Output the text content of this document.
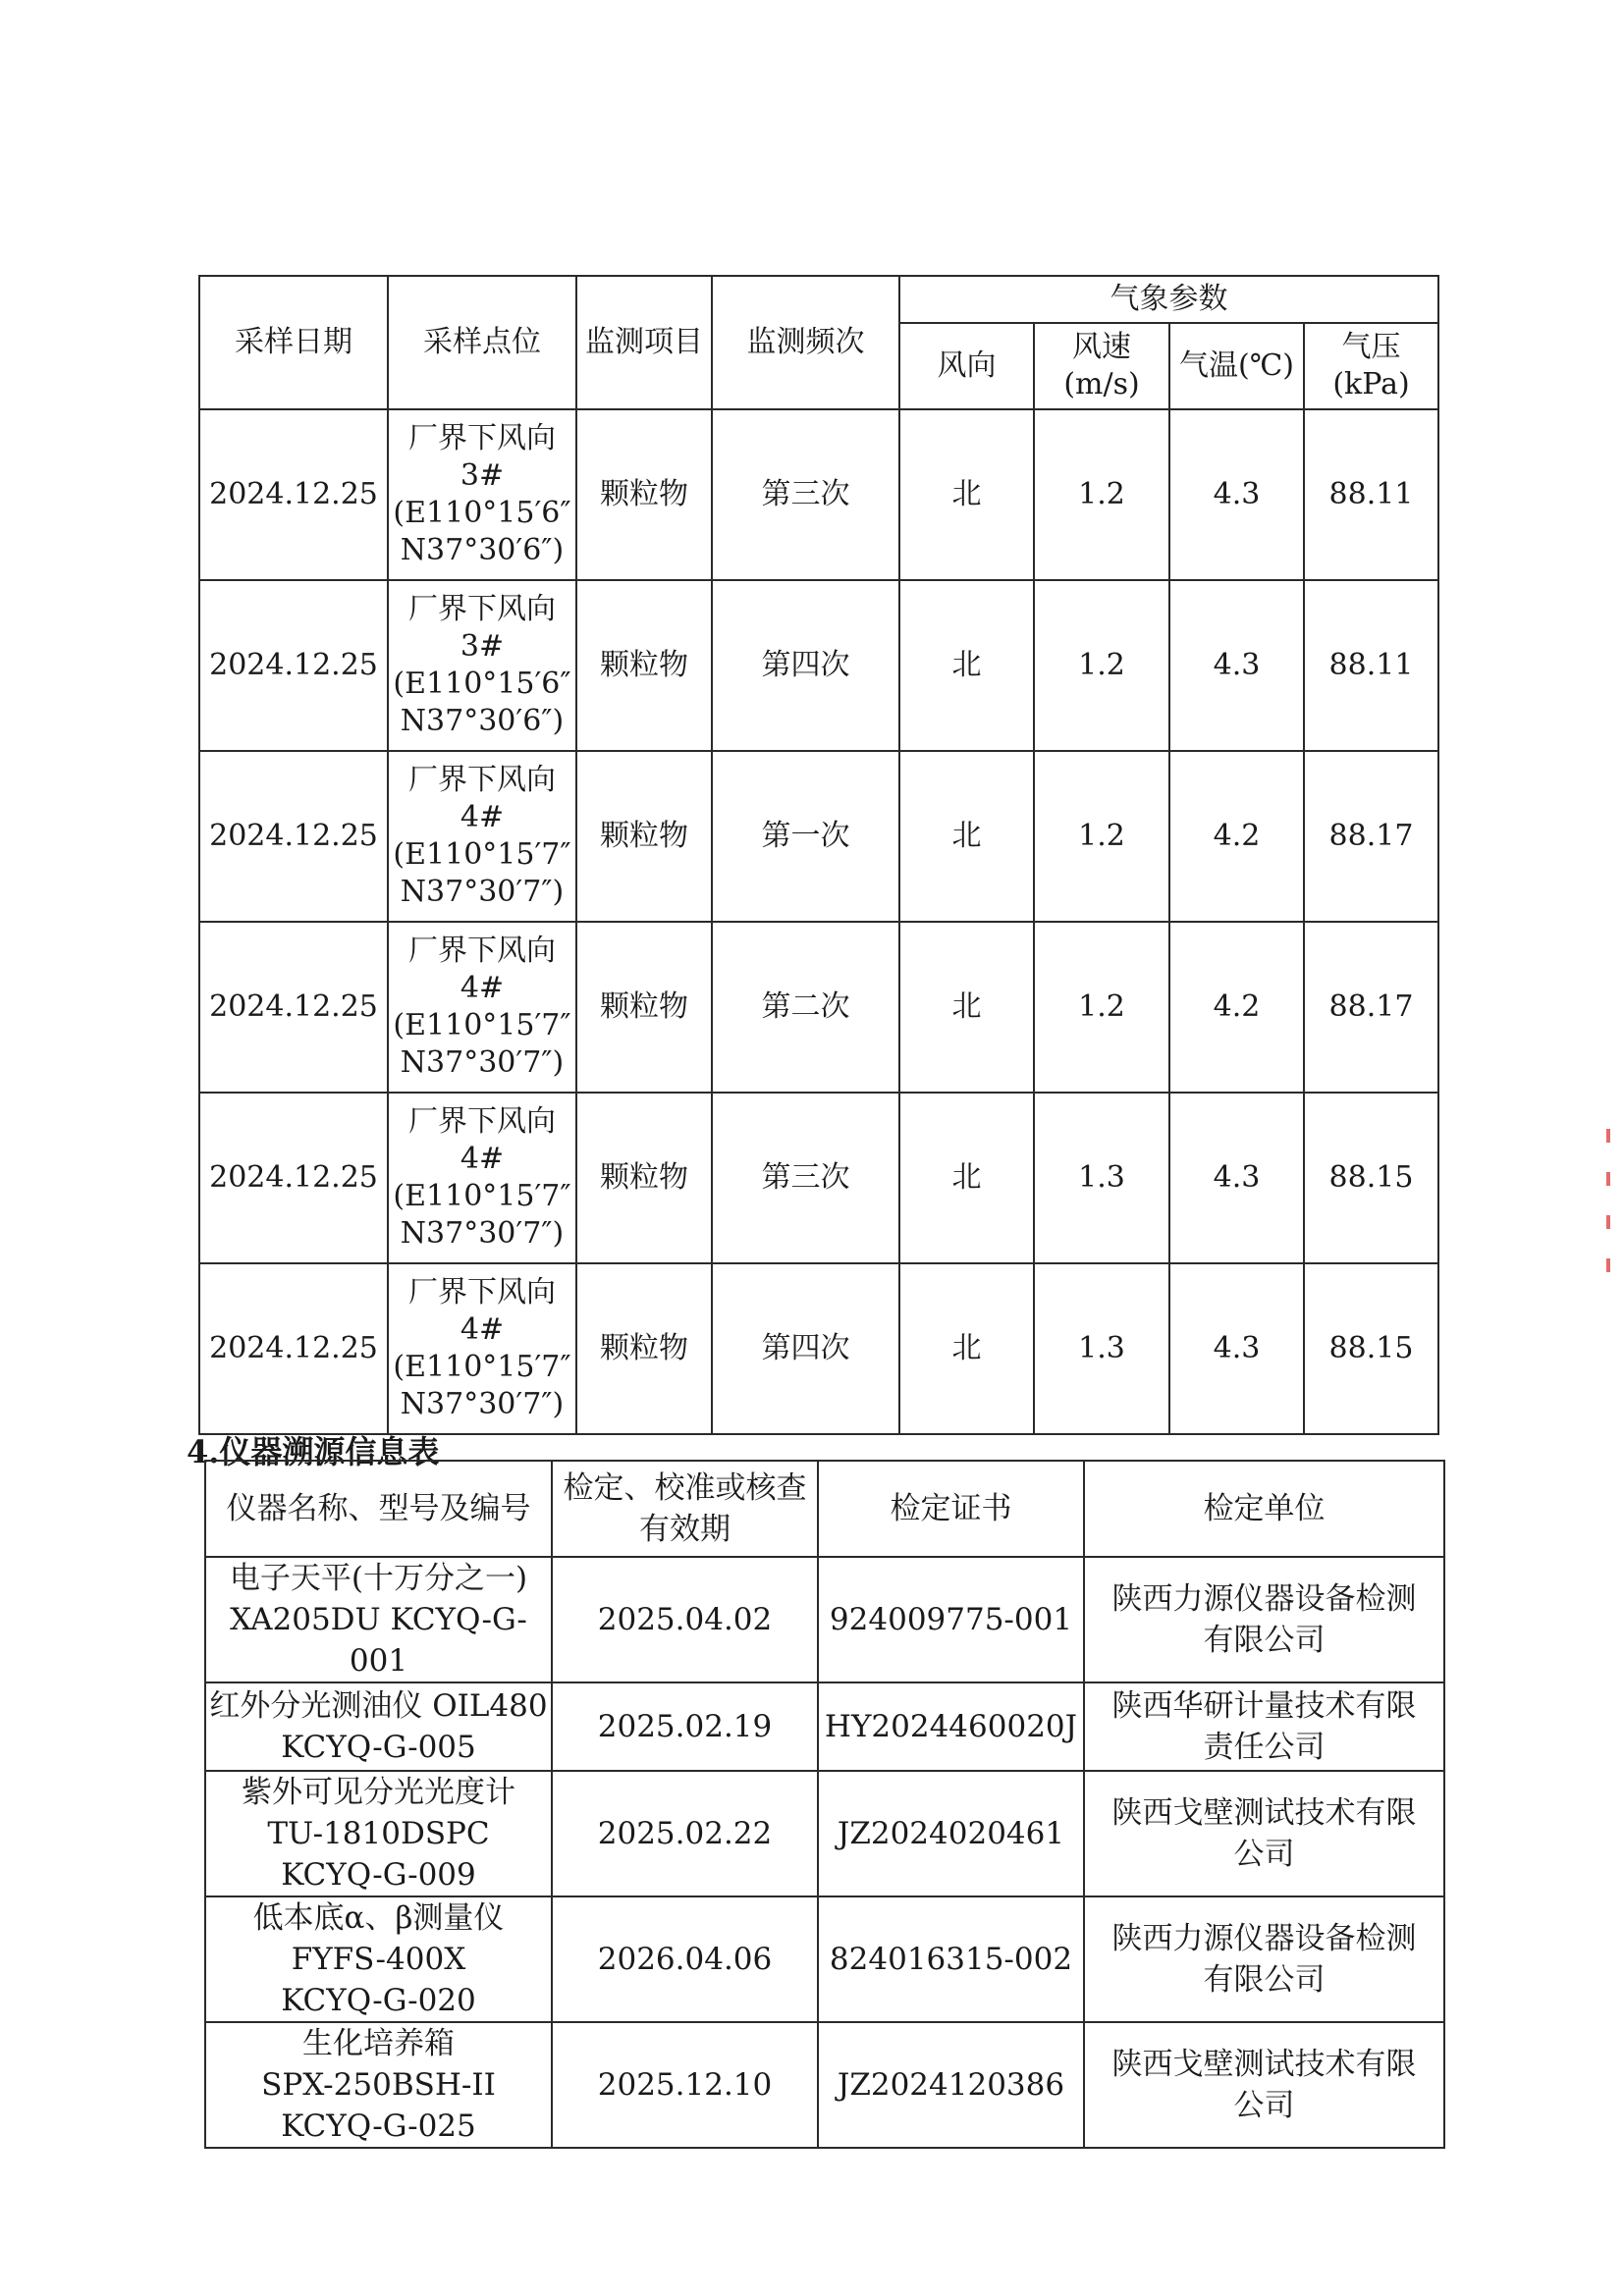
采样日期	采样点位	监测项目	监测频次	气象参数			
				风向	风速(m/s)	气温(℃)	气压
(kPa)

2024.12.25	厂界下风向
3#
(E110°15′6″
N37°30′6″)	颗粒物	第三次	北	1.2	4.3	88.11
2024.12.25	厂界下风向
3#
(E110°15′6″
N37°30′6″)	颗粒物	第四次	北	1.2	4.3	88.11
2024.12.25	厂界下风向
4#
(E110°15′7″
N37°30′7″)	颗粒物	第一次	北	1.2	4.2	88.17
2024.12.25	厂界下风向
4#
(E110°15′7″
N37°30′7″)	颗粒物	第二次	北	1.2	4.2	88.17
2024.12.25	厂界下风向
4#
(E110°15′7″
N37°30′7″)	颗粒物	第三次	北	1.3	4.3	88.15
2024.12.25	厂界下风向
4#
(E110°15′7″
N37°30′7″)	颗粒物	第四次	北	1.3	4.3	88.15

4.仪器溯源信息表

仪器名称、型号及编号	检定、校准或核查
有效期	检定证书	检定单位

电子天平(十万分之一)
XA205DU KCYQ-G-001	2025.04.02	924009775-001	陕西力源仪器设备检测
有限公司

红外分光测油仪 OIL480
KCYQ-G-005	2025.02.19	HY2024460020J	陕西华研计量技术有限
责任公司

紫外可见分光光度计
TU-1810DSPC
KCYQ-G-009	2025.02.22	JZ2024020461	陕西戈壁测试技术有限
公司

低本底α、β测量仪
FYFS-400X
KCYQ-G-020	2026.04.06	824016315-002	陕西力源仪器设备检测
有限公司

生化培养箱
SPX-250BSH-II
KCYQ-G-025	2025.12.10	JZ2024120386	陕西戈壁测试技术有限
公司
